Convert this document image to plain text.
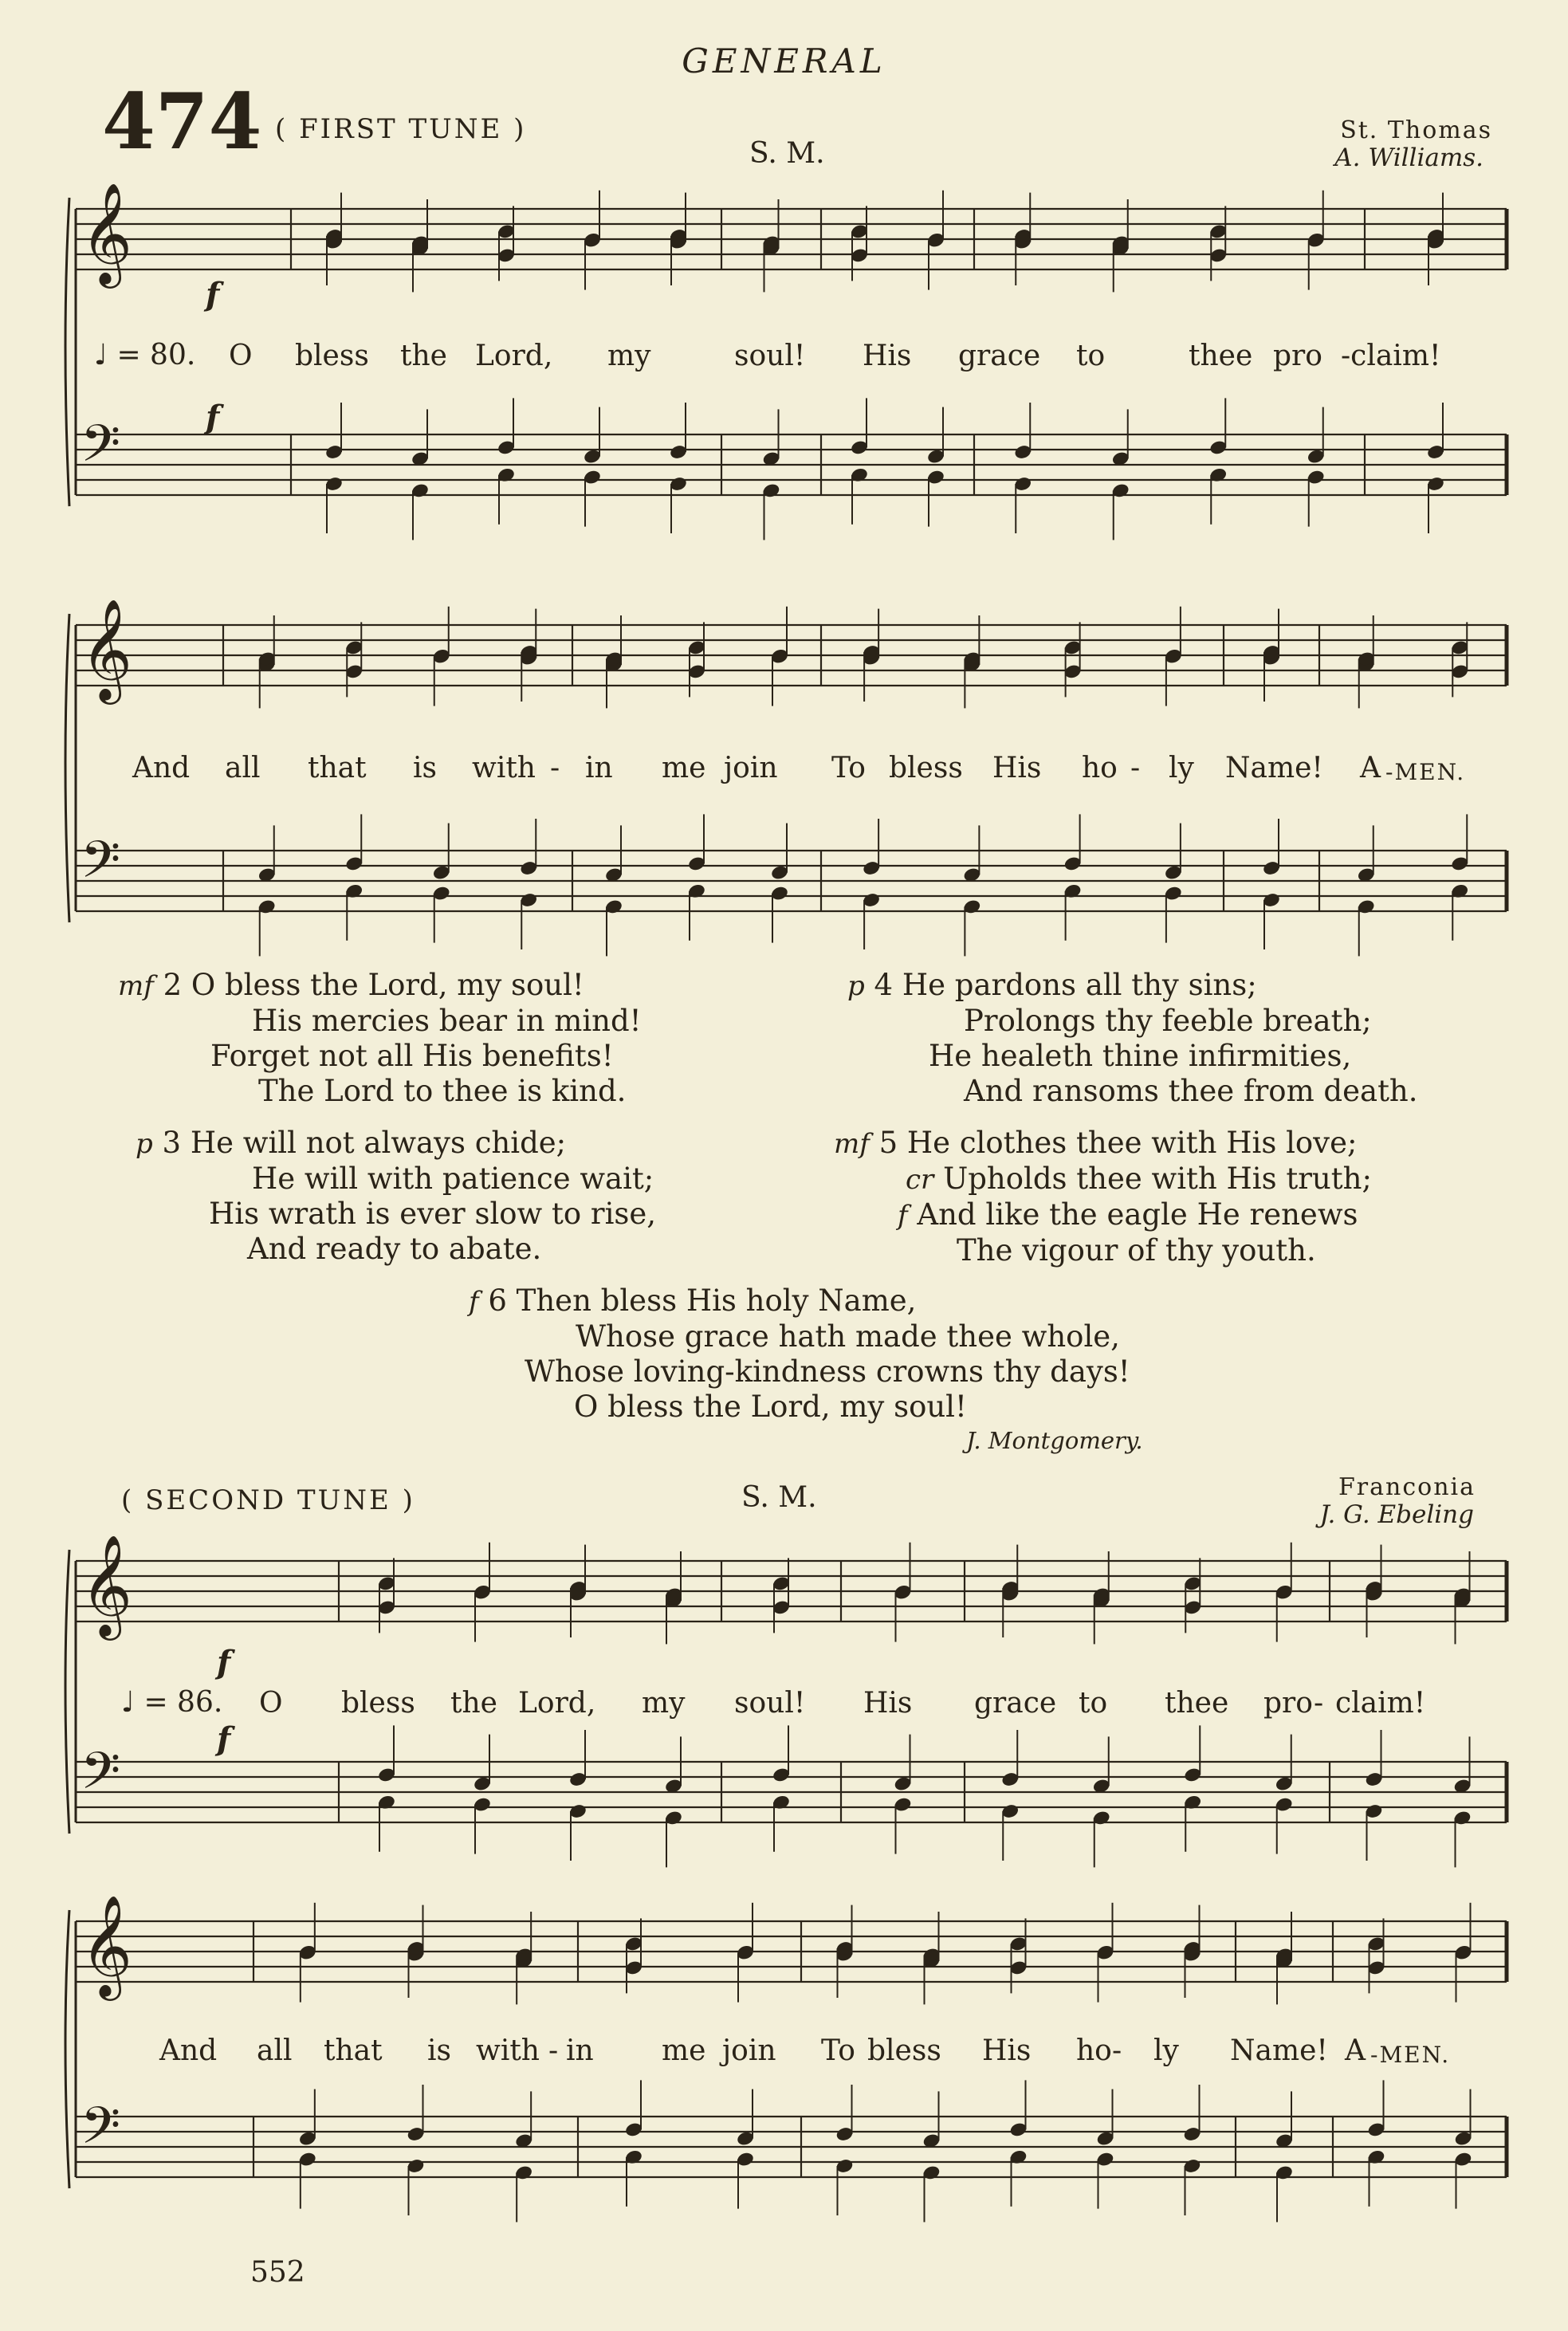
GENERAL
474 ( FIRST TUNE )
S. M.
St. Thomas
A. Williams.
( SECOND TUNE )	S. M.	Franconia
J. G. Ebeling
𝄞
𝄢
𝄞
𝄢
𝄞
𝄢
𝄞
𝄢
f
♩ = 80.
f
f
♩ = 86.
f
O bless the Lord, my	soul! His grace to	thee pro -claim!
And all that is with - in me join To bless His ho - ly Name! A -MEN.
mf 2 O bless the Lord, my soul!
His mercies bear in mind!
Forget not all His benefits!
The Lord to thee is kind.
p 3 He will not always chide;
He will with patience wait;
His wrath is ever slow to rise,
And ready to abate.
p 4 He pardons all thy sins;
Prolongs thy feeble breath;
He healeth thine infirmities,
And ransoms thee from death.
mf 5 He clothes thee with His love;
cr Upholds thee with His truth;
f And like the eagle He renews
The vigour of thy youth.
f 6 Then bless His holy Name,
Whose grace hath made thee whole,
Whose loving-kindness crowns thy days!
O bless the Lord, my soul!
J. Montgomery.
O bless the Lord, my soul! His grace to thee pro - claim!
And all that is with - in me join To bless His ho - ly Name! A -MEN.
552
